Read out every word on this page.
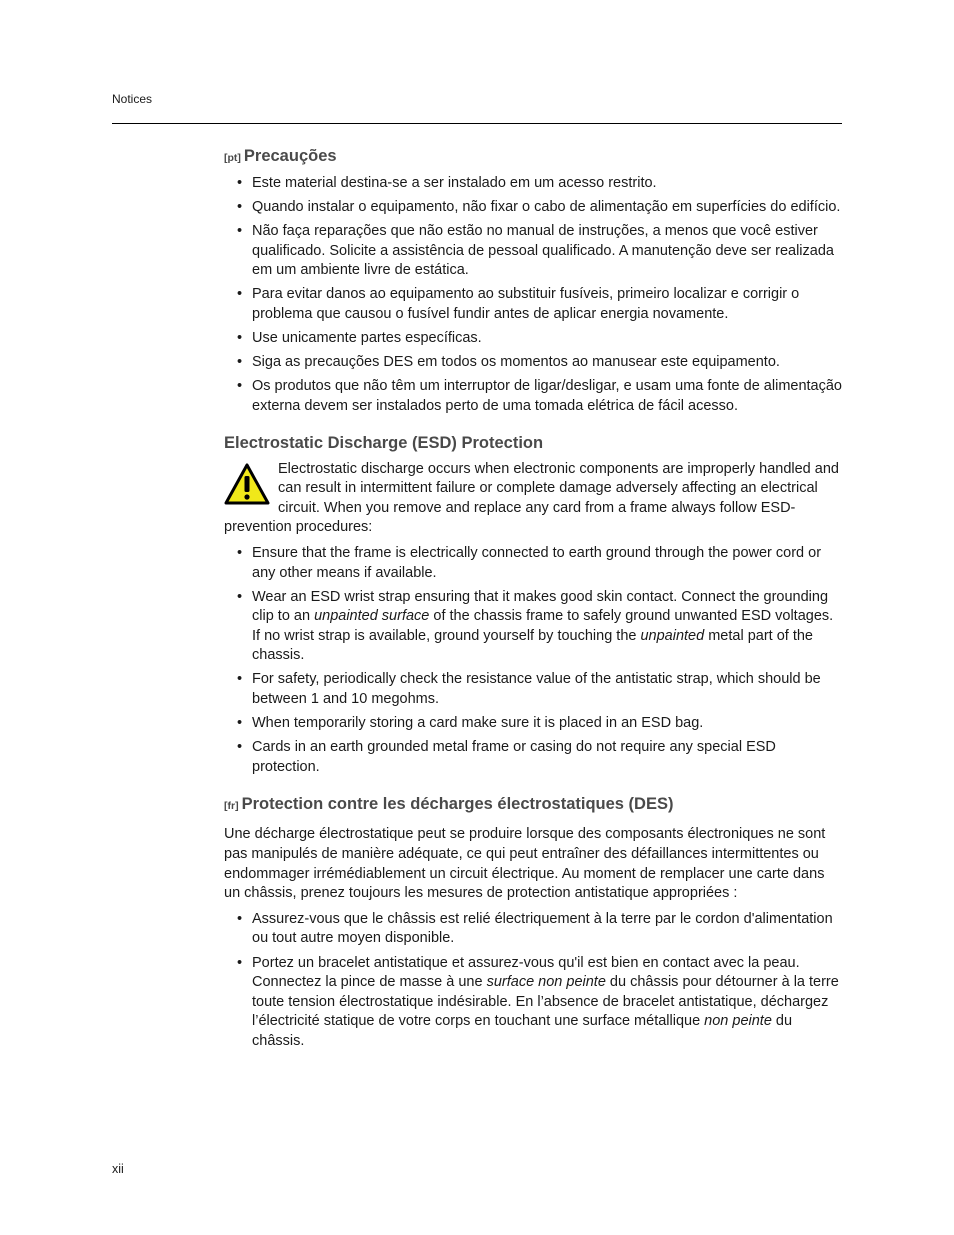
Notices
[pt] Precauções
• Este material destina-se a ser instalado em um acesso restrito.
• Quando instalar o equipamento, não fixar o cabo de alimentação em superfícies do edifício.
• Não faça reparações que não estão no manual de instruções, a menos que você estiver qualificado. Solicite a assistência de pessoal qualificado. A manutenção deve ser realizada em um ambiente livre de estática.
• Para evitar danos ao equipamento ao substituir fusíveis, primeiro localizar e corrigir o problema que causou o fusível fundir antes de aplicar energia novamente.
• Use unicamente partes específicas.
• Siga as precauções DES em todos os momentos ao manusear este equipamento.
• Os produtos que não têm um interruptor de ligar/desligar, e usam uma fonte de alimentação externa devem ser instalados perto de uma tomada elétrica de fácil acesso.
Electrostatic Discharge (ESD) Protection

Electrostatic discharge occurs when electronic components are improperly handled and can result in intermittent failure or complete damage adversely affecting an electrical circuit. When you remove and replace any card from a frame always follow ESD-prevention procedures:

• Ensure that the frame is electrically connected to earth ground through the power cord or any other means if available.
• Wear an ESD wrist strap ensuring that it makes good skin contact. Connect the grounding clip to an unpainted surface of the chassis frame to safely ground unwanted ESD voltages. If no wrist strap is available, ground yourself by touching the unpainted metal part of the chassis.
• For safety, periodically check the resistance value of the antistatic strap, which should be between 1 and 10 megohms.
• When temporarily storing a card make sure it is placed in an ESD bag.
• Cards in an earth grounded metal frame or casing do not require any special ESD protection.
[fr] Protection contre les décharges électrostatiques (DES)

Une décharge électrostatique peut se produire lorsque des composants électroniques ne sont pas manipulés de manière adéquate, ce qui peut entraîner des défaillances intermittentes ou endommager irrémédiablement un circuit électrique. Au moment de remplacer une carte dans un châssis, prenez toujours les mesures de protection antistatique appropriées :

• Assurez-vous que le châssis est relié électriquement à la terre par le cordon d'alimentation ou tout autre moyen disponible.
• Portez un bracelet antistatique et assurez-vous qu'il est bien en contact avec la peau. Connectez la pince de masse à une surface non peinte du châssis pour détourner à la terre toute tension électrostatique indésirable. En l’absence de bracelet antistatique, déchargez l’électricité statique de votre corps en touchant une surface métallique non peinte du châssis.
xii
